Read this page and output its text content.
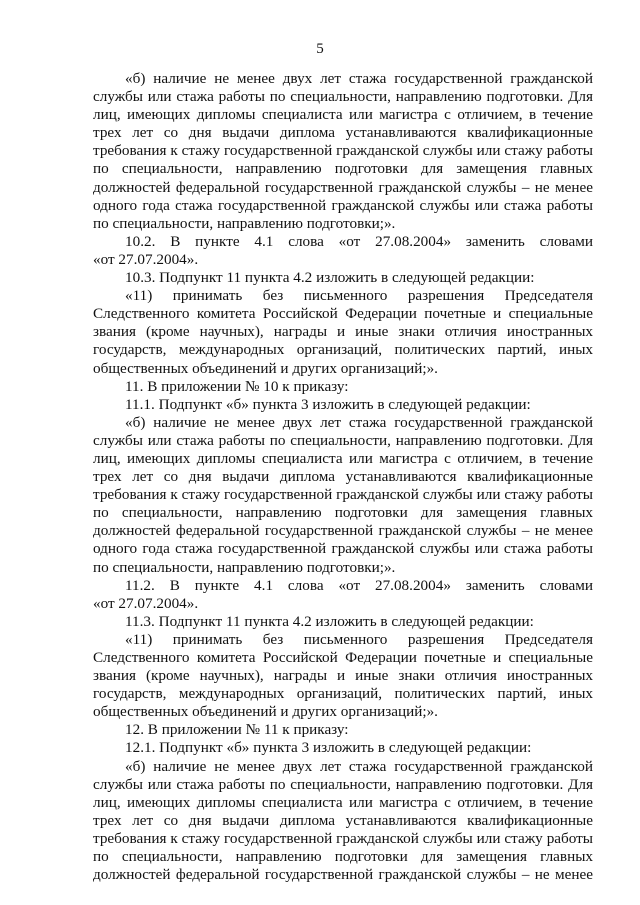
5
«б) наличие не менее двух лет стажа государственной гражданской
службы или стажа работы по специальности, направлению подготовки. Для
лиц, имеющих дипломы специалиста или магистра с отличием, в течение
трех лет со дня выдачи диплома устанавливаются квалификационные
требования к стажу государственной гражданской службы или стажу работы
по специальности, направлению подготовки для замещения главных
должностей федеральной государственной гражданской службы – не менее
одного года стажа государственной гражданской службы или стажа работы
по специальности, направлению подготовки;».
10.2. В пункте 4.1 слова «от 27.08.2004» заменить словами
«от 27.07.2004».
10.3. Подпункт 11 пункта 4.2 изложить в следующей редакции:
«11) принимать без письменного разрешения Председателя
Следственного комитета Российской Федерации почетные и специальные
звания (кроме научных), награды и иные знаки отличия иностранных
государств, международных организаций, политических партий, иных
общественных объединений и других организаций;».
11. В приложении № 10 к приказу:
11.1. Подпункт «б» пункта 3 изложить в следующей редакции:
«б) наличие не менее двух лет стажа государственной гражданской
службы или стажа работы по специальности, направлению подготовки. Для
лиц, имеющих дипломы специалиста или магистра с отличием, в течение
трех лет со дня выдачи диплома устанавливаются квалификационные
требования к стажу государственной гражданской службы или стажу работы
по специальности, направлению подготовки для замещения главных
должностей федеральной государственной гражданской службы – не менее
одного года стажа государственной гражданской службы или стажа работы
по специальности, направлению подготовки;».
11.2. В пункте 4.1 слова «от 27.08.2004» заменить словами
«от 27.07.2004».
11.3. Подпункт 11 пункта 4.2 изложить в следующей редакции:
«11) принимать без письменного разрешения Председателя
Следственного комитета Российской Федерации почетные и специальные
звания (кроме научных), награды и иные знаки отличия иностранных
государств, международных организаций, политических партий, иных
общественных объединений и других организаций;».
12. В приложении № 11 к приказу:
12.1. Подпункт «б» пункта 3 изложить в следующей редакции:
«б) наличие не менее двух лет стажа государственной гражданской
службы или стажа работы по специальности, направлению подготовки. Для
лиц, имеющих дипломы специалиста или магистра с отличием, в течение
трех лет со дня выдачи диплома устанавливаются квалификационные
требования к стажу государственной гражданской службы или стажу работы
по специальности, направлению подготовки для замещения главных
должностей федеральной государственной гражданской службы – не менее
